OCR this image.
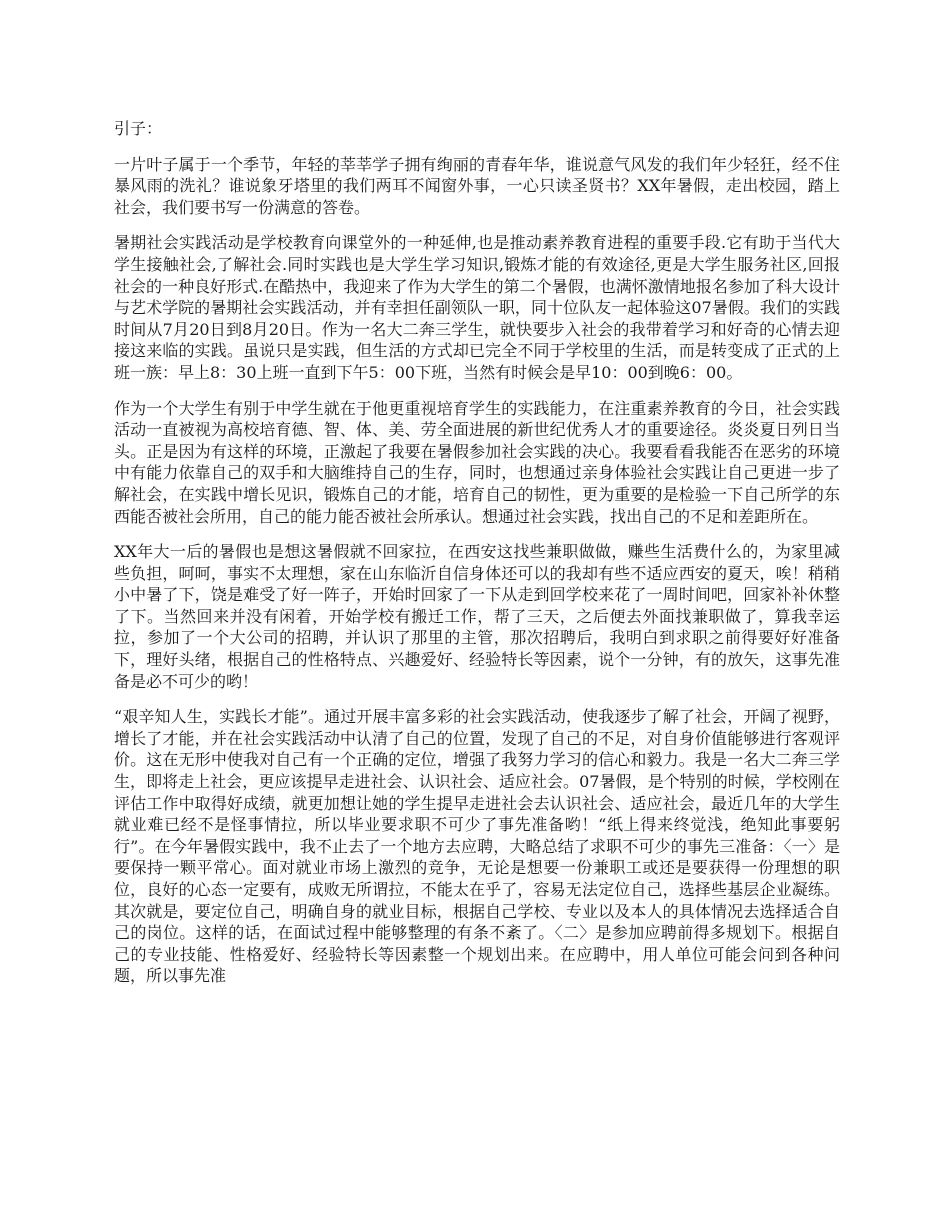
引子：

一片叶子属于一个季节，年轻的莘莘学子拥有绚丽的青春年华，谁说意气风发的我们年少轻狂，经不住暴风雨的洗礼？谁说象牙塔里的我们两耳不闻窗外事，一心只读圣贤书？XX年暑假，走出校园，踏上社会，我们要书写一份满意的答卷。

暑期社会实践活动是学校教育向课堂外的一种延伸,也是推动素养教育进程的重要手段.它有助于当代大学生接触社会,了解社会.同时实践也是大学生学习知识,锻炼才能的有效途径,更是大学生服务社区,回报社会的一种良好形式.在酷热中，我迎来了作为大学生的第二个暑假，也满怀激情地报名参加了科大设计与艺术学院的暑期社会实践活动，并有幸担任副领队一职，同十位队友一起体验这07暑假。我们的实践时间从7月20日到8月20日。作为一名大二奔三学生，就快要步入社会的我带着学习和好奇的心情去迎接这来临的实践。虽说只是实践，但生活的方式却已完全不同于学校里的生活，而是转变成了正式的上班一族：早上8：30上班一直到下午5：00下班，当然有时候会是早10：00到晚6：00。

作为一个大学生有别于中学生就在于他更重视培育学生的实践能力，在注重素养教育的今日，社会实践活动一直被视为高校培育德、智、体、美、劳全面进展的新世纪优秀人才的重要途径。炎炎夏日列日当头。正是因为有这样的环境，正激起了我要在暑假参加社会实践的决心。我要看看我能否在恶劣的环境中有能力依靠自己的双手和大脑维持自己的生存，同时，也想通过亲身体验社会实践让自己更进一步了解社会，在实践中增长见识，锻炼自己的才能，培育自己的韧性，更为重要的是检验一下自己所学的东西能否被社会所用，自己的能力能否被社会所承认。想通过社会实践，找出自己的不足和差距所在。

XX年大一后的暑假也是想这暑假就不回家拉，在西安这找些兼职做做，赚些生活费什么的，为家里减些负担，呵呵，事实不太理想，家在山东临沂自信身体还可以的我却有些不适应西安的夏天，唉！稍稍小中暑了下，饶是难受了好一阵子，开始时回家了一下从走到回学校来花了一周时间吧，回家补补休整了下。当然回来并没有闲着，开始学校有搬迁工作，帮了三天，之后便去外面找兼职做了，算我幸运拉，参加了一个大公司的招聘，并认识了那里的主管，那次招聘后，我明白到求职之前得要好好准备下，理好头绪，根据自己的性格特点、兴趣爱好、经验特长等因素，说个一分钟，有的放矢，这事先准备是必不可少的哟！

“艰辛知人生，实践长才能”。通过开展丰富多彩的社会实践活动，使我逐步了解了社会，开阔了视野，增长了才能，并在社会实践活动中认清了自己的位置，发现了自己的不足，对自身价值能够进行客观评价。这在无形中使我对自己有一个正确的定位，增强了我努力学习的信心和毅力。我是一名大二奔三学生，即将走上社会，更应该提早走进社会、认识社会、适应社会。07暑假，是个特别的时候，学校刚在评估工作中取得好成绩，就更加想让她的学生提早走进社会去认识社会、适应社会，最近几年的大学生就业难已经不是怪事情拉，所以毕业要求职不可少了事先准备哟！“纸上得来终觉浅，绝知此事要躬行”。在今年暑假实践中，我不止去了一个地方去应聘，大略总结了求职不可少的事先三准备：〈一〉是要保持一颗平常心。面对就业市场上激烈的竞争，无论是想要一份兼职工或还是要获得一份理想的职位，良好的心态一定要有，成败无所谓拉，不能太在乎了，容易无法定位自己，选择些基层企业凝练。其次就是，要定位自己，明确自身的就业目标，根据自己学校、专业以及本人的具体情况去选择适合自己的岗位。这样的话，在面试过程中能够整理的有条不紊了。〈二〉是参加应聘前得多规划下。根据自己的专业技能、性格爱好、经验特长等因素整一个规划出来。在应聘中，用人单位可能会问到各种问题，所以事先准
